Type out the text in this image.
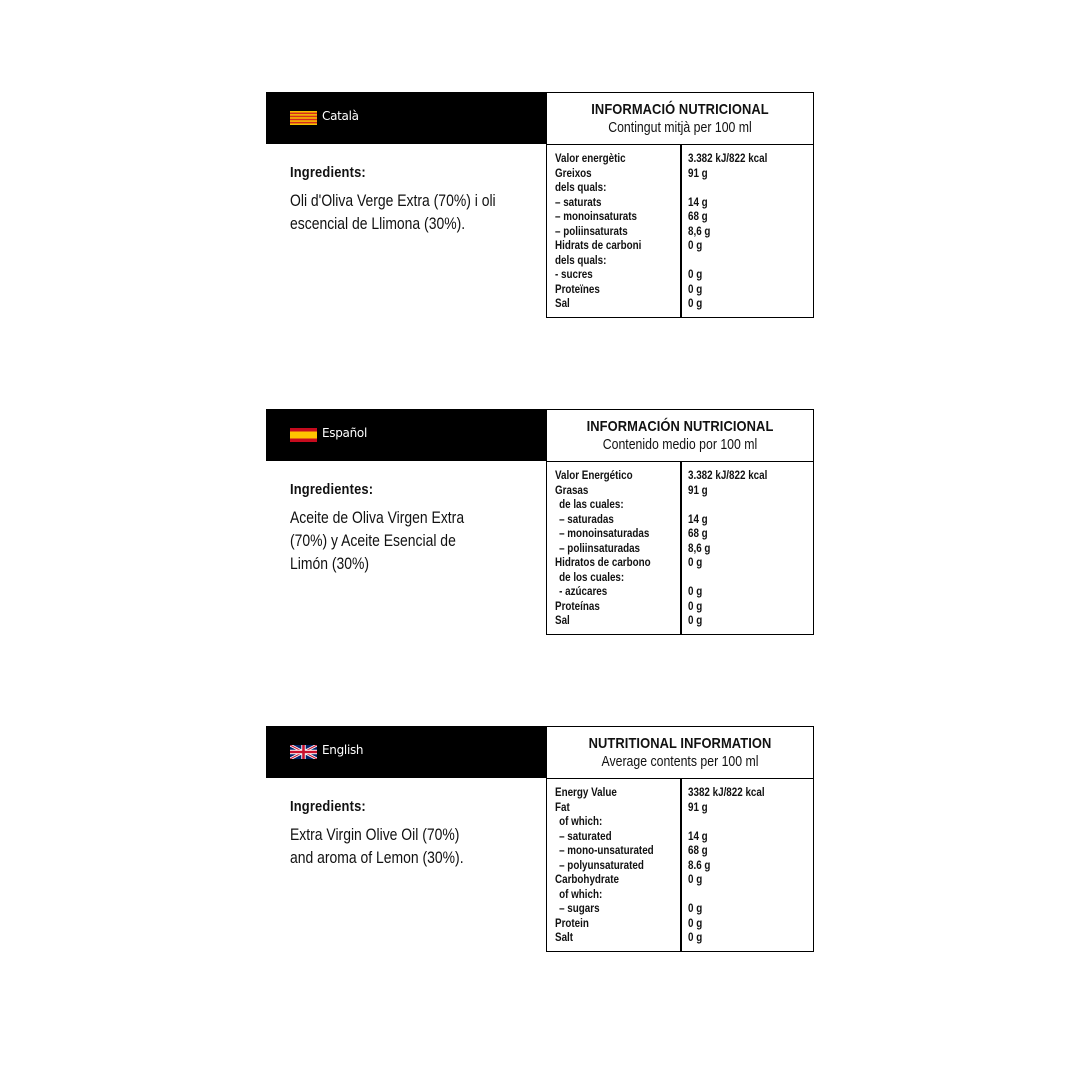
Català
Ingredients:
Oli d'Oliva Verge Extra (70%) i oli escencial de Llimona (30%).
INFORMACIÓ NUTRICIONAL
Contingut mitjà per 100 ml
Valor energètic
Greixos
dels quals:
– saturats
– monoinsaturats
– poliinsaturats
Hidrats de carboni
dels quals:
- sucres
Proteïnes
Sal
3.382 kJ/822 kcal
91 g
14 g
68 g
8,6 g
0 g
0 g
0 g
0 g
Español
Ingredientes:
Aceite de Oliva Virgen Extra (70%) y Aceite Esencial de Limón (30%)
INFORMACIÓN NUTRICIONAL
Contenido medio por 100 ml
Valor Energético
Grasas
de las cuales:
– saturadas
– monoinsaturadas
– poliinsaturadas
Hidratos de carbono
de los cuales:
- azúcares
Proteínas
Sal
3.382 kJ/822 kcal
91 g
14 g
68 g
8,6 g
0 g
0 g
0 g
0 g
English
Ingredients:
Extra Virgin Olive Oil (70%) and aroma of Lemon (30%).
NUTRITIONAL INFORMATION
Average contents per 100 ml
Energy Value
Fat
of which:
– saturated
– mono-unsaturated
– polyunsaturated
Carbohydrate
of which:
– sugars
Protein
Salt
3382 kJ/822 kcal
91 g
14 g
68 g
8.6 g
0 g
0 g
0 g
0 g
